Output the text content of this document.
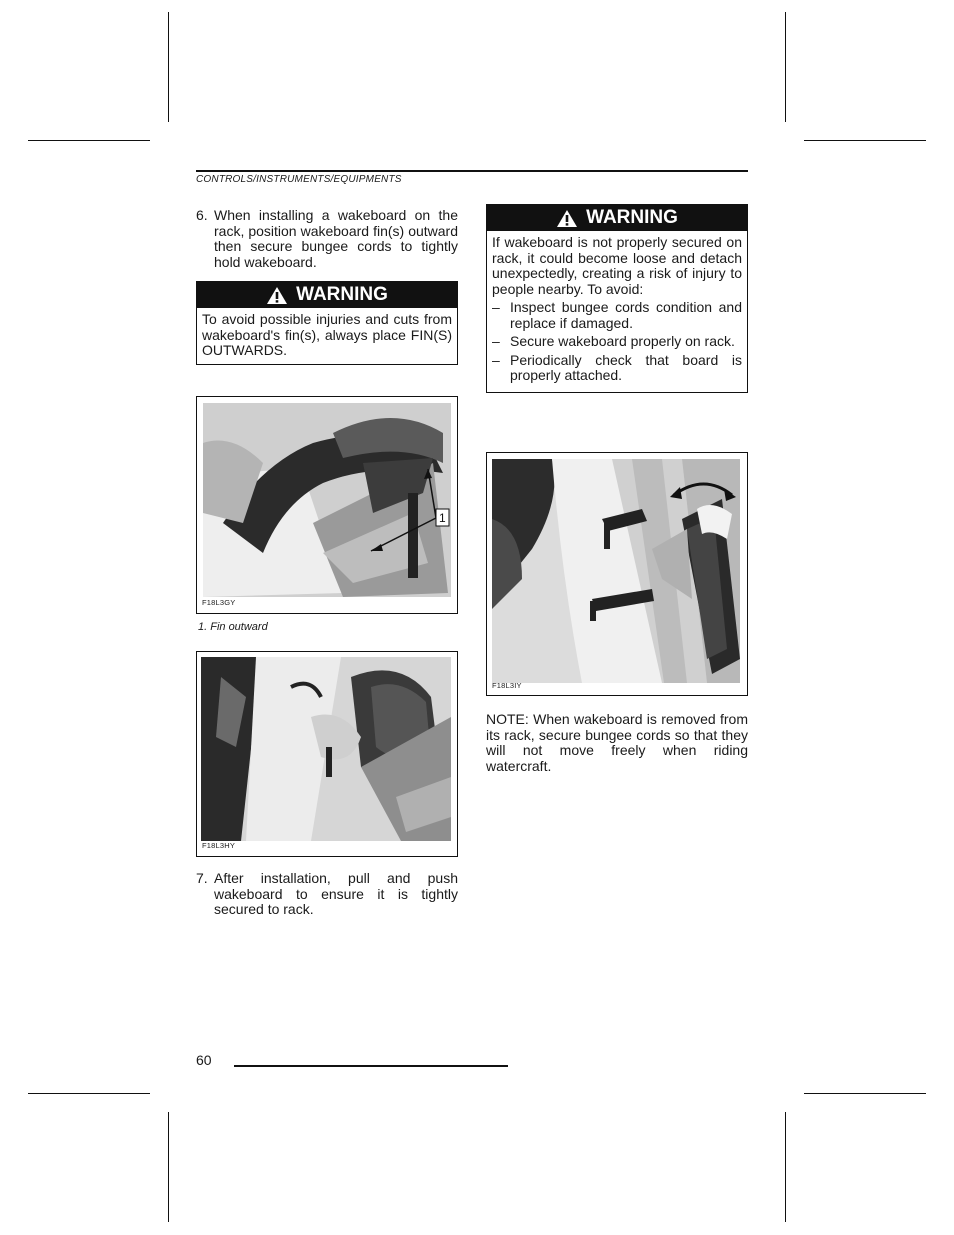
CONTROLS/INSTRUMENTS/EQUIPMENTS
6. When installing a wakeboard on the rack, position wakeboard fin(s) outward then secure bungee cords to tightly hold wakeboard.
WARNING
To avoid possible injuries and cuts from wakeboard's fin(s), always place FIN(S) OUTWARDS.
1
F18L3GY
1. Fin outward
F18L3HY
7. After installation, pull and push wakeboard to ensure it is tightly secured to rack.
WARNING
If wakeboard is not properly secured on rack, it could become loose and detach unexpectedly, creating a risk of injury to people nearby. To avoid:
– Inspect bungee cords condition and replace if damaged.
– Secure wakeboard properly on rack.
– Periodically check that board is properly attached.
F18L3IY
NOTE: When wakeboard is removed from its rack, secure bungee cords so that they will not move freely when riding watercraft.
60
